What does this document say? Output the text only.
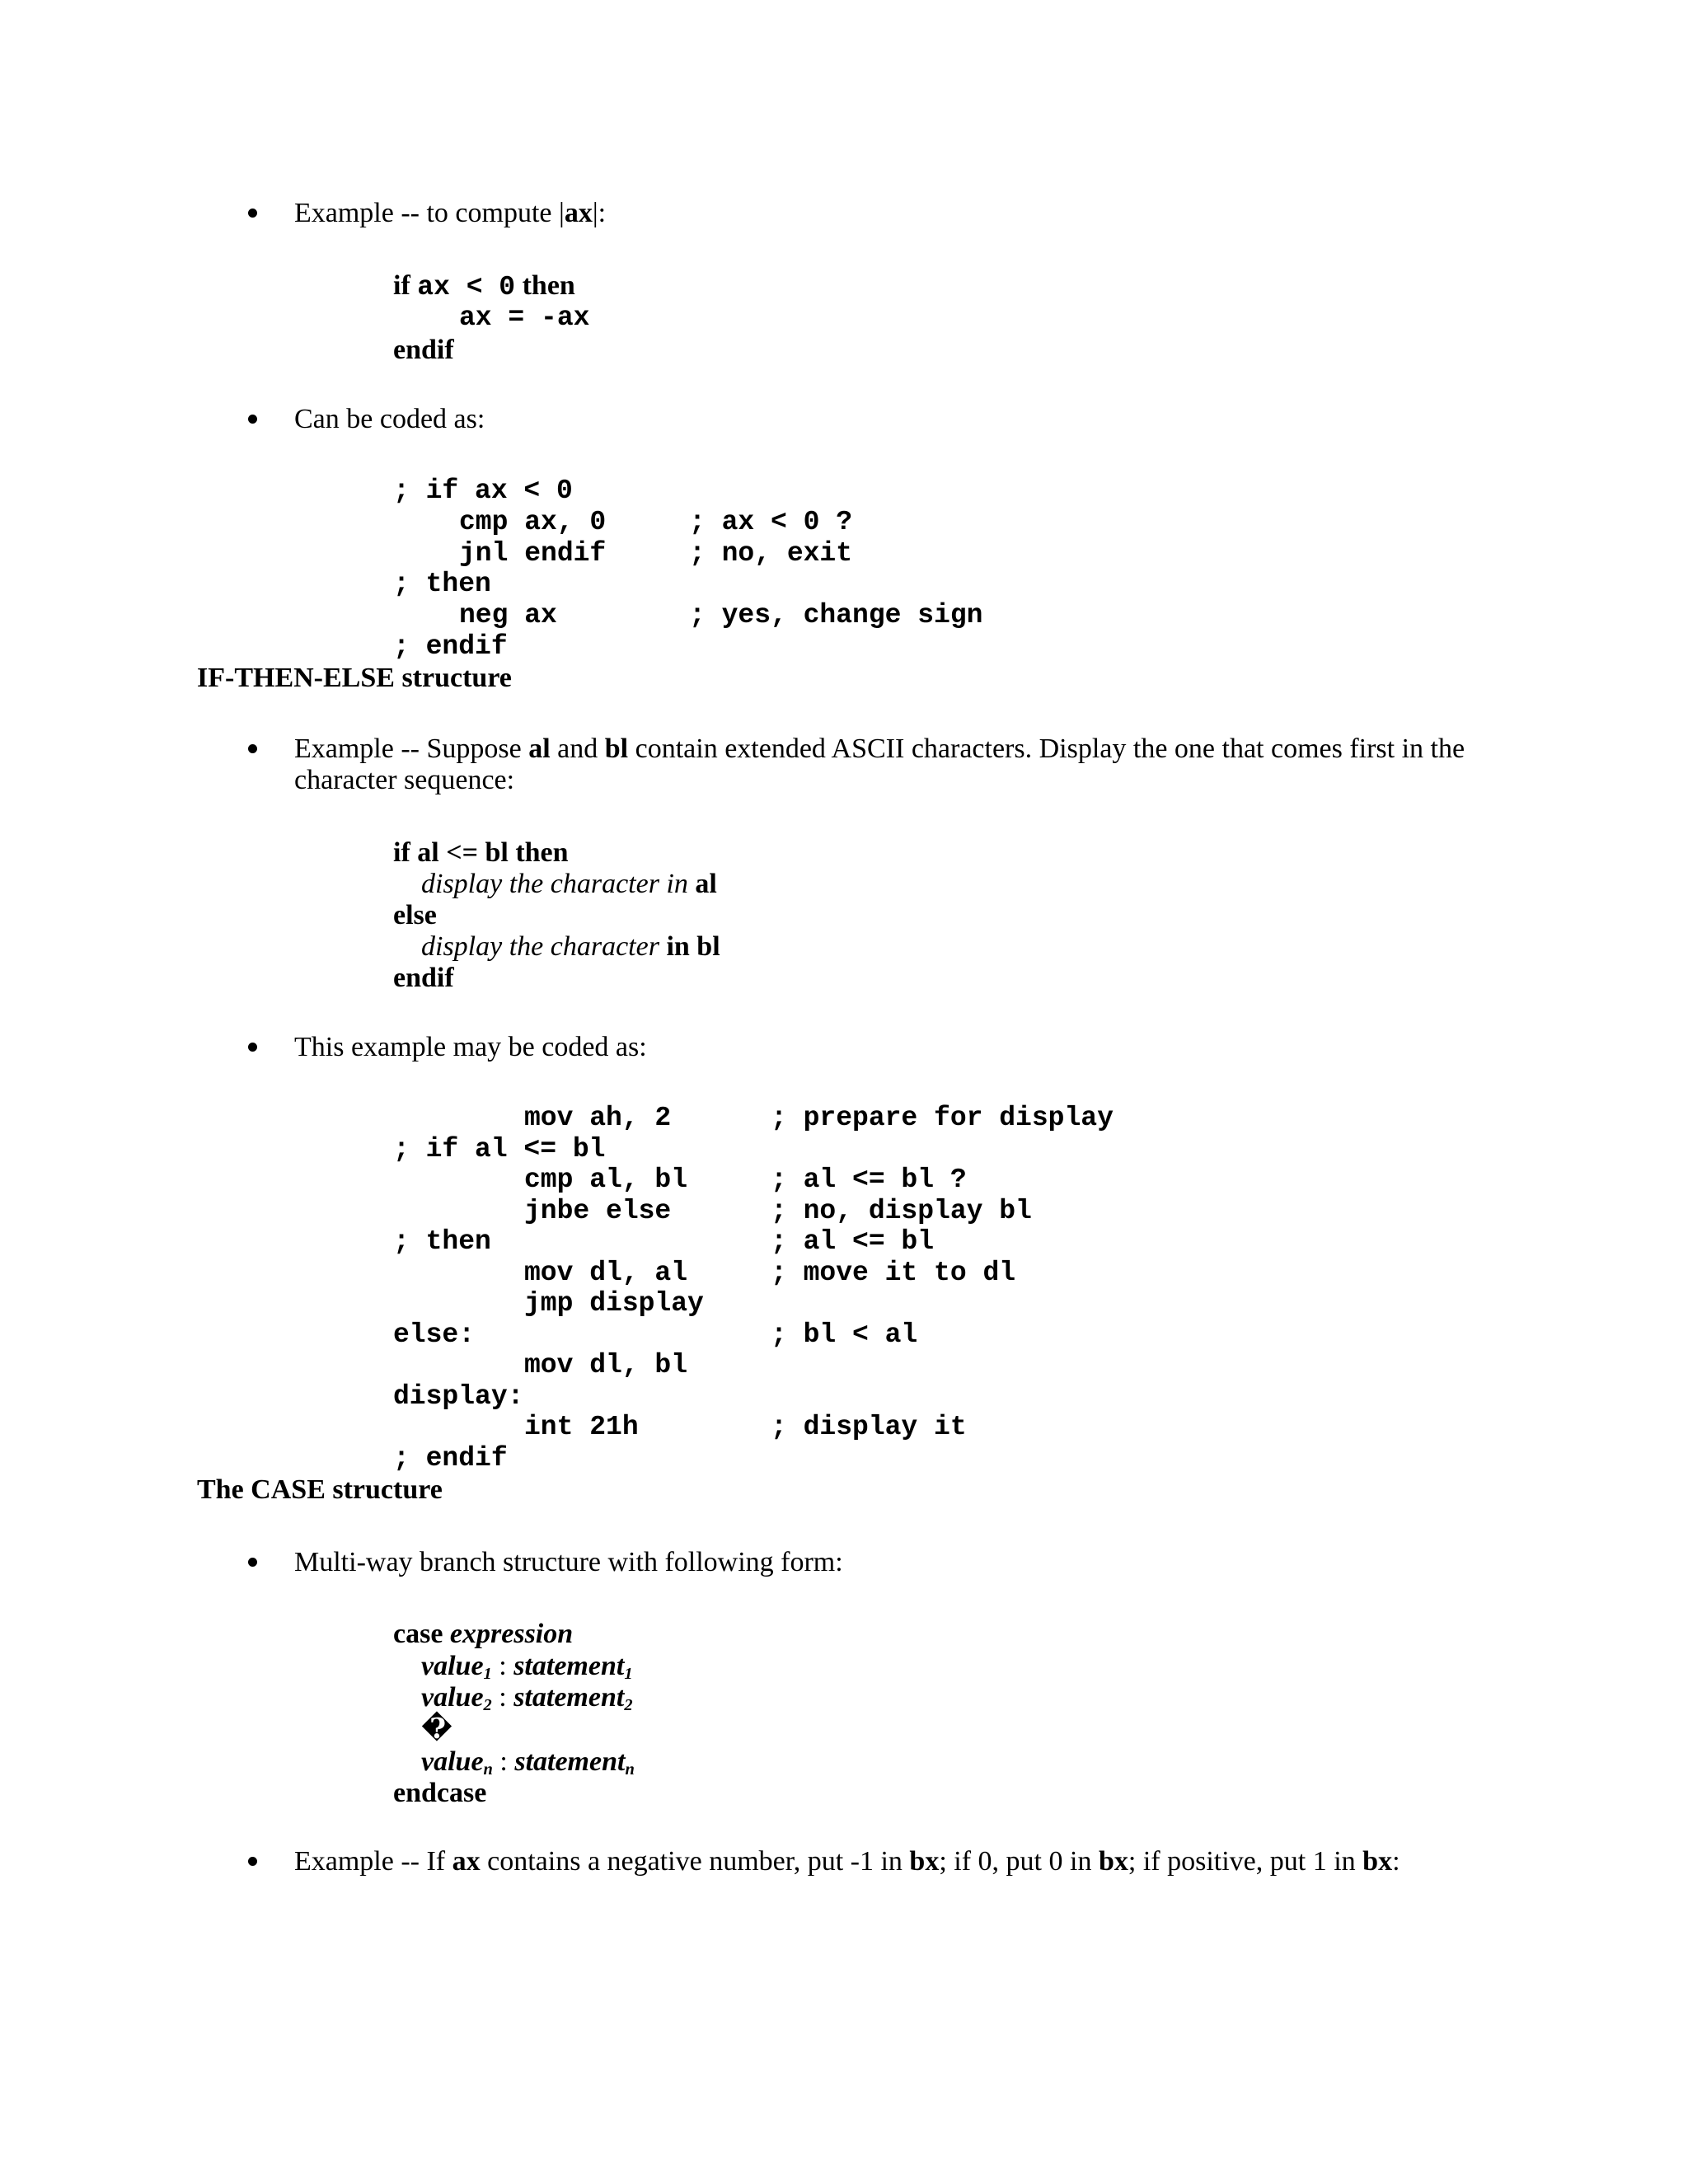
Example -- to compute |ax|:
if ax < 0 then
ax = -ax
endif
Can be coded as:
; if ax < 0
cmp ax, 0	; ax < 0 ?
jnl endif	; no, exit
; then
neg ax	; yes, change sign
; endif
IF-THEN-ELSE structure
Example -- Suppose al and bl contain extended ASCII characters. Display the one that comes first in the
character sequence:
if al <= bl then
display the character in al
else
display the character in bl
endif
This example may be coded as:
mov ah, 2	; prepare for display
; if al <= bl
cmp al, bl	; al <= bl ?
jnbe else	; no, display bl
; then	; al <= bl
mov dl, al	; move it to dl
jmp display
else:	; bl < al
mov dl, bl
display:
int 21h	; display it
; endif
The CASE structure
Multi-way branch structure with following form:
case expression
value$_1$ : statement$_1$
value$_2$ : statement$_2$
�
value$_n$ : statement$_n$
endcase
Example -- If ax contains a negative number, put -1 in bx; if 0, put 0 in bx; if positive, put 1 in bx:
